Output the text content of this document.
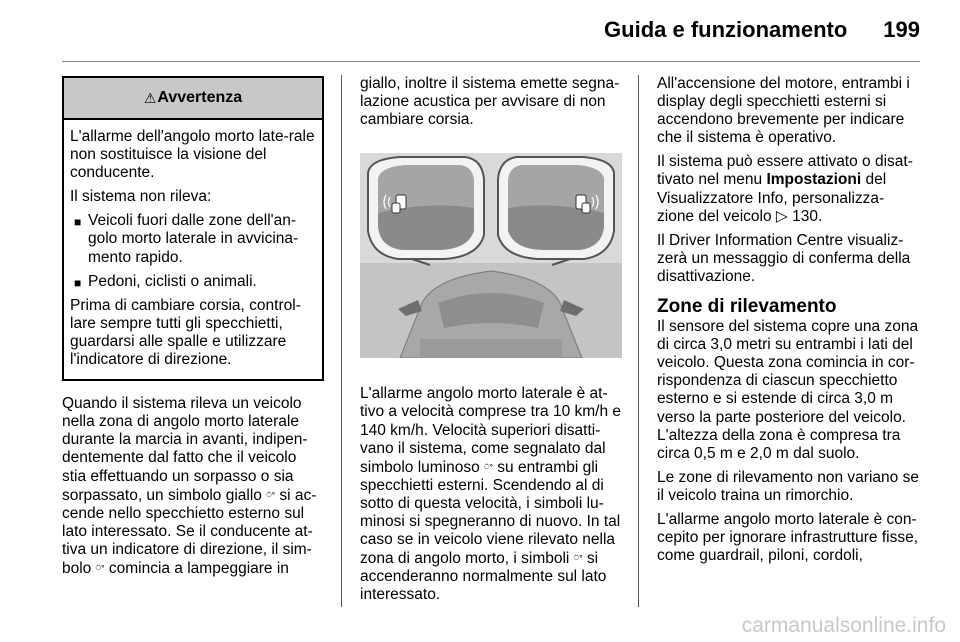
Guida e funzionamento 199
⚠ Avvertenza

L'allarme dell'angolo morto late-rale non sostituisce la visione del conducente.

Il sistema non rileva:

■ Veicoli fuori dalle zone dell'an-golo morto laterale in avvicina-mento rapido.

■ Pedoni, ciclisti o animali.

Prima di cambiare corsia, control-lare sempre tutti gli specchietti, guardarsi alle spalle e utilizzare l'indicatore di direzione.

Quando il sistema rileva un veicolo nella zona di angolo morto laterale durante la marcia in avanti, indipen-dentemente dal fatto che il veicolo stia effettuando un sorpasso o sia sorpassato, un simbolo giallo ⍥ᐤ si ac-cende nello specchietto esterno sul lato interessato. Se il conducente at-tiva un indicatore di direzione, il sim-bolo ⍥ᐤ comincia a lampeggiare in

giallo, inoltre il sistema emette segna-lazione acustica per avvisare di non cambiare corsia.

L'allarme angolo morto laterale è at-tivo a velocità comprese tra 10 km/h e 140 km/h. Velocità superiori disatti-vano il sistema, come segnalato dal simbolo luminoso ⍥ᐤ su entrambi gli specchietti esterni. Scendendo al di sotto di questa velocità, i simboli lu-minosi si spegneranno di nuovo. In tal caso se in veicolo viene rilevato nella zona di angolo morto, i simboli ⍥ᐤ si accenderanno normalmente sul lato interessato.

All'accensione del motore, entrambi i display degli specchietti esterni si accendono brevemente per indicare che il sistema è operativo.

Il sistema può essere attivato o disat-tivato nel menu Impostazioni del Visualizzatore Info, personalizza-zione del veicolo ▷ 130.

Il Driver Information Centre visualiz-zerà un messaggio di conferma della disattivazione.

Zone di rilevamento

Il sensore del sistema copre una zona di circa 3,0 metri su entrambi i lati del veicolo. Questa zona comincia in cor-rispondenza di ciascun specchietto esterno e si estende di circa 3,0 m verso la parte posteriore del veicolo. L'altezza della zona è compresa tra circa 0,5 m e 2,0 m dal suolo.

Le zone di rilevamento non variano se il veicolo traina un rimorchio.

L'allarme angolo morto laterale è con-cepito per ignorare infrastrutture fisse, come guardrail, piloni, cordoli,

carmanualsonline.info
